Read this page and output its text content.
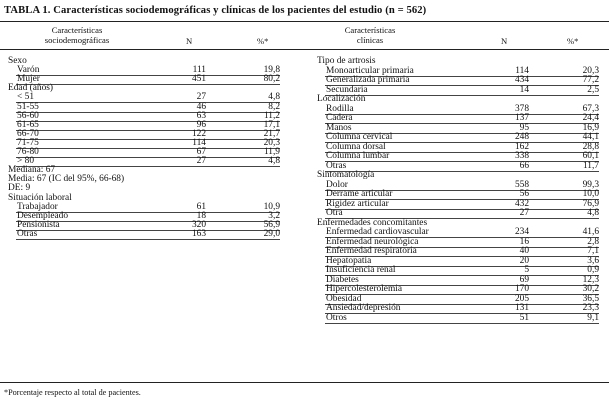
TABLA 1. Características sociodemográficas y clínicas de los pacientes del estudio (n = 562)
Características
sociodemográficas	N	%*
Características
clínicas	N	%*
Sexo
Varón	111	19,8
Mujer	451	80,2
Edad (años)
< 51	27	4,8
51-55	46	8,2
56-60	63	11,2
61-65	96	17,1
66-70	122	21,7
71-75	114	20,3
76-80	67	11,9
> 80	27	4,8
Mediana: 67
Media: 67 (IC del 95%, 66-68)
DE: 9
Situación laboral
Trabajador	61	10,9
Desempleado	18	3,2
Pensionista	320	56,9
Otras	163	29,0
Tipo de artrosis
Monoarticular primaria	114	20,3
Generalizada primaria	434	77,2
Secundaria	14	2,5
Localización
Rodilla	378	67,3
Cadera	137	24,4
Manos	95	16,9
Columna cervical	248	44,1
Columna dorsal	162	28,8
Columna lumbar	338	60,1
Otras	66	11,7
Sintomatología
Dolor	558	99,3
Derrame articular	56	10,0
Rigidez articular	432	76,9
Otra	27	4,8
Enfermedades concomitantes
Enfermedad cardiovascular	234	41,6
Enfermedad neurológica	16	2,8
Enfermedad respiratoria	40	7,1
Hepatopatía	20	3,6
Insuficiencia renal	5	0,9
Diabetes	69	12,3
Hipercolesterolemia	170	30,2
Obesidad	205	36,5
Ansiedad/depresión	131	23,3
Otros	51	9,1
*Porcentaje respecto al total de pacientes.
